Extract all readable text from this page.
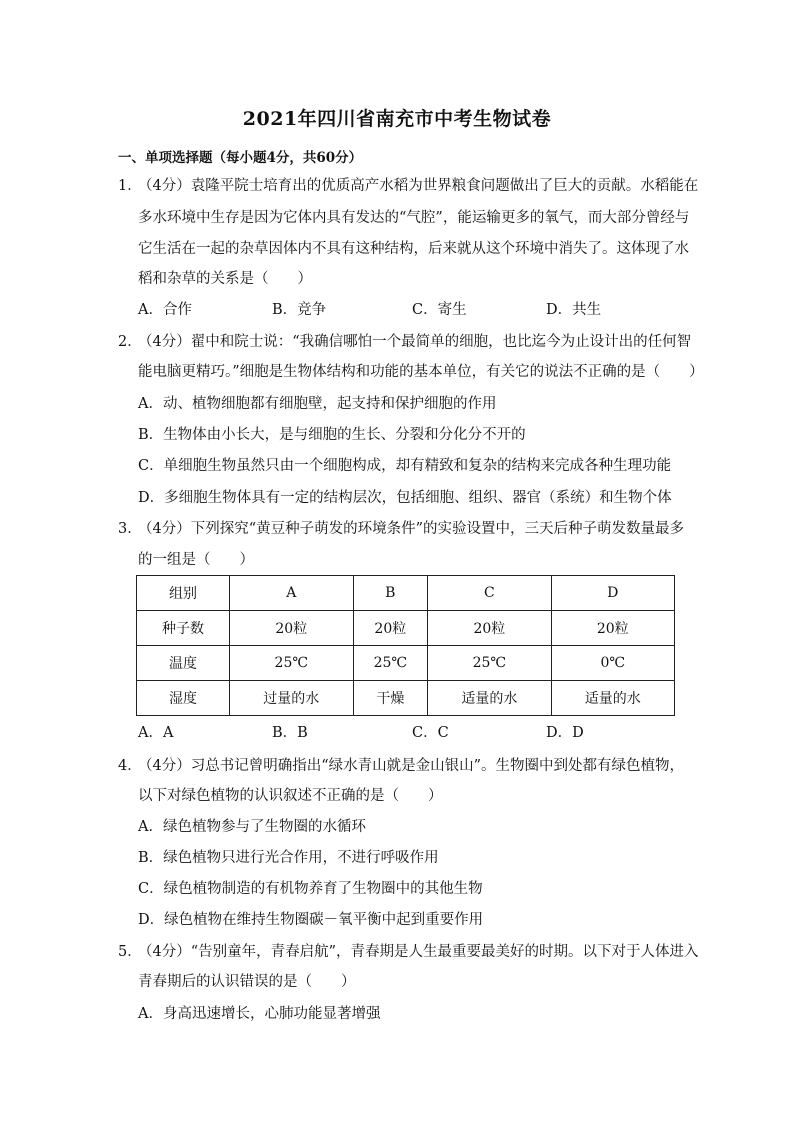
2021年四川省南充市中考生物试卷
一、单项选择题（每小题4分，共60分）
1．
（4分）袁隆平院士培育出的优质高产水稻为世界粮食问题做出了巨大的贡献。水稻能在
多水环境中生存是因为它体内具有发达的“气腔”，能运输更多的氧气，而大部分曾经与
它生活在一起的杂草因体内不具有这种结构，后来就从这个环境中消失了。这体现了水
稻和杂草的关系是（　　）
A．合作	B．竞争	C．寄生	D．共生
2．
（4分）翟中和院士说：“我确信哪怕一个最简单的细胞，也比迄今为止设计出的任何智
能电脑更精巧。”细胞是生物体结构和功能的基本单位，有关它的说法不正确的是（　　）
A．动、植物细胞都有细胞壁，起支持和保护细胞的作用
B．生物体由小长大，是与细胞的生长、分裂和分化分不开的
C．单细胞生物虽然只由一个细胞构成，却有精致和复杂的结构来完成各种生理功能
D．多细胞生物体具有一定的结构层次，包括细胞、组织、器官（系统）和生物个体
3．
（4分）下列探究“黄豆种子萌发的环境条件”的实验设置中，三天后种子萌发数量最多
的一组是（　　）
组别	A	B	C	D
种子数	20粒	20粒	20粒	20粒
温度	25℃	25℃	25℃	0℃
湿度	过量的水	干燥	适量的水	适量的水
A．A	B．B	C．C	D．D
4．
（4分）习总书记曾明确指出“绿水青山就是金山银山”。生物圈中到处都有绿色植物，
以下对绿色植物的认识叙述不正确的是（　　）
A．绿色植物参与了生物圈的水循环
B．绿色植物只进行光合作用，不进行呼吸作用
C．绿色植物制造的有机物养育了生物圈中的其他生物
D．绿色植物在维持生物圈碳－氧平衡中起到重要作用
5．
（4分）“告别童年，青春启航”，青春期是人生最重要最美好的时期。以下对于人体进入
青春期后的认识错误的是（　　）
A．身高迅速增长，心肺功能显著增强
